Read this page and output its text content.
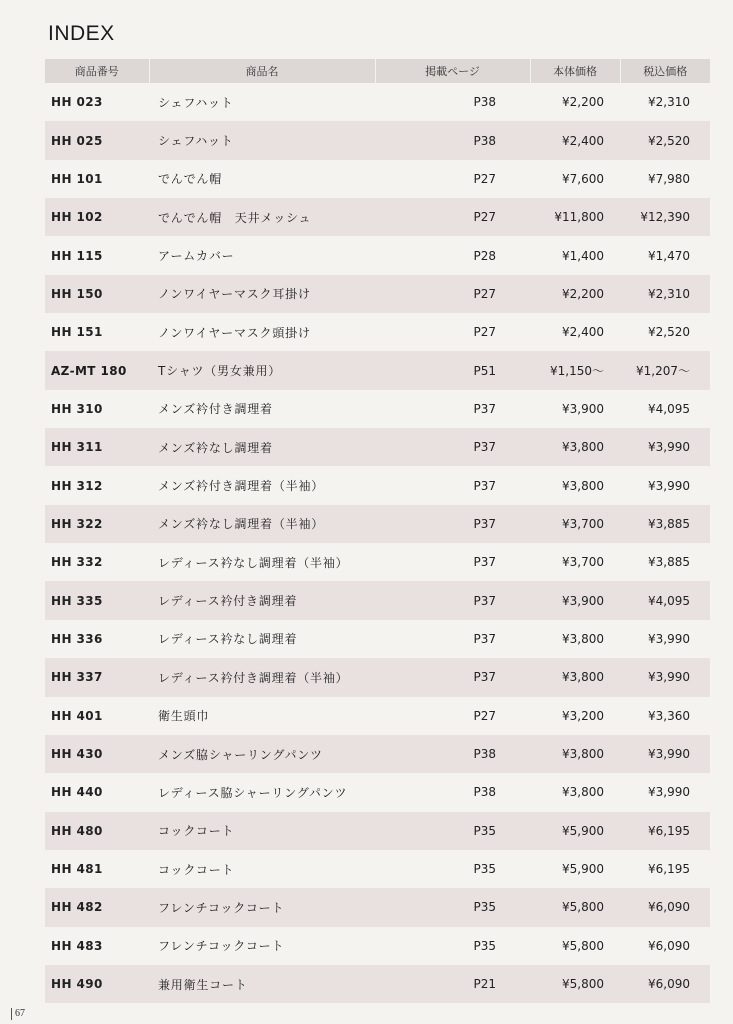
INDEX
商品番号	商品名	掲載ページ	本体価格	税込価格
HH 023	シェフハット	P38	¥2,200	¥2,310
HH 025	シェフハット	P38	¥2,400	¥2,520
HH 101	でんでん帽	P27	¥7,600	¥7,980
HH 102	でんでん帽　天井メッシュ	P27	¥11,800	¥12,390
HH 115	アームカバー	P28	¥1,400	¥1,470
HH 150	ノンワイヤーマスク耳掛け	P27	¥2,200	¥2,310
HH 151	ノンワイヤーマスク頭掛け	P27	¥2,400	¥2,520
AZ-MT 180	Tシャツ（男女兼用）	P51	¥1,150～	¥1,207～
HH 310	メンズ衿付き調理着	P37	¥3,900	¥4,095
HH 311	メンズ衿なし調理着	P37	¥3,800	¥3,990
HH 312	メンズ衿付き調理着（半袖）	P37	¥3,800	¥3,990
HH 322	メンズ衿なし調理着（半袖）	P37	¥3,700	¥3,885
HH 332	レディース衿なし調理着（半袖）	P37	¥3,700	¥3,885
HH 335	レディース衿付き調理着	P37	¥3,900	¥4,095
HH 336	レディース衿なし調理着	P37	¥3,800	¥3,990
HH 337	レディース衿付き調理着（半袖）	P37	¥3,800	¥3,990
HH 401	衛生頭巾	P27	¥3,200	¥3,360
HH 430	メンズ脇シャーリングパンツ	P38	¥3,800	¥3,990
HH 440	レディース脇シャーリングパンツ	P38	¥3,800	¥3,990
HH 480	コックコート	P35	¥5,900	¥6,195
HH 481	コックコート	P35	¥5,900	¥6,195
HH 482	フレンチコックコート	P35	¥5,800	¥6,090
HH 483	フレンチコックコート	P35	¥5,800	¥6,090
HH 490	兼用衛生コート	P21	¥5,800	¥6,090
67
